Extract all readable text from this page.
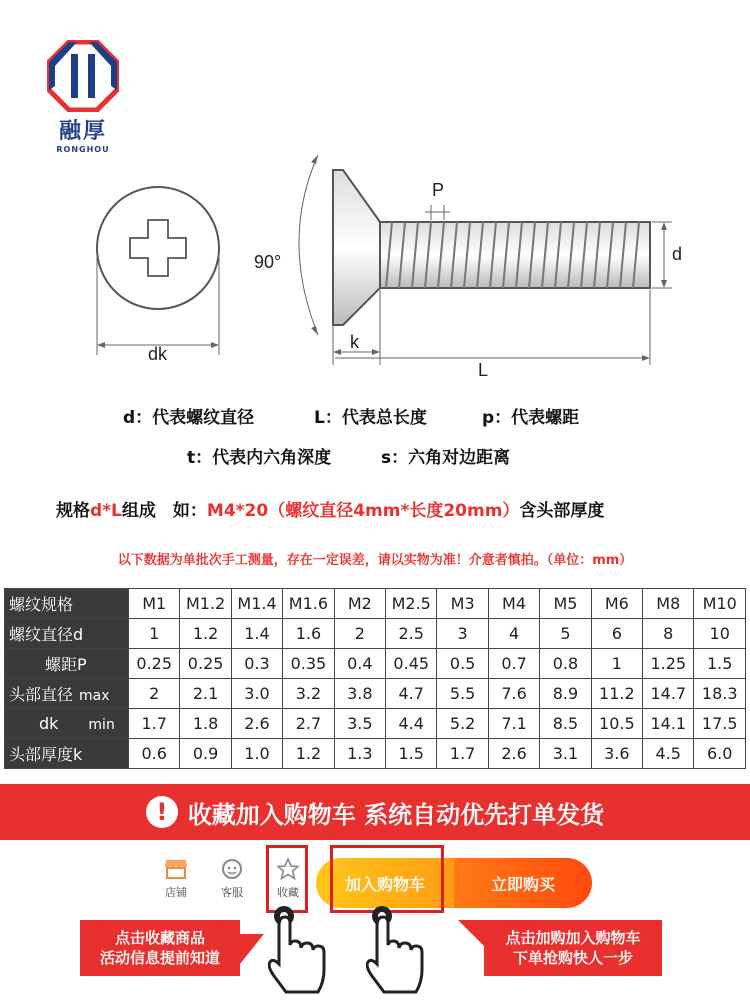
融厚
RONGHOU
dk
90°
k
P
d
L
d：代表螺纹直径	L：代表总长度	p：代表螺距
t：代表内六角深度	s：六角对边距离
规格d*L组成　如：M4*20（螺纹直径4mm*长度20mm）含头部厚度
以下数据为单批次手工测量，存在一定误差，请以实物为准！介意者慎拍。（单位：mm）
螺纹规格	M1	M1.2	M1.4	M1.6	M2	M2.5	M3	M4	M5	M6	M8	M10
螺纹直径d	1	1.2	1.4	1.6	2	2.5	3	4	5	6	8	10
螺距P	0.25	0.25	0.3	0.35	0.4	0.45	0.5	0.7	0.8	1	1.25	1.5
头部直径 max	2	2.1	3.0	3.2	3.8	4.7	5.5	7.6	8.9	11.2	14.7	18.3
dk min	1.7	1.8	2.6	2.7	3.5	4.4	5.2	7.1	8.5	10.5	14.1	17.5
头部厚度k	0.6	0.9	1.0	1.2	1.3	1.5	1.7	2.6	3.1	3.6	4.5	6.0
! 收藏加入购物车 系统自动优先打单发货
店铺	客服	收藏	加入购物车	立即购买
点击收藏商品
活动信息提前知道
点击加购加入购物车
下单抢购快人一步
